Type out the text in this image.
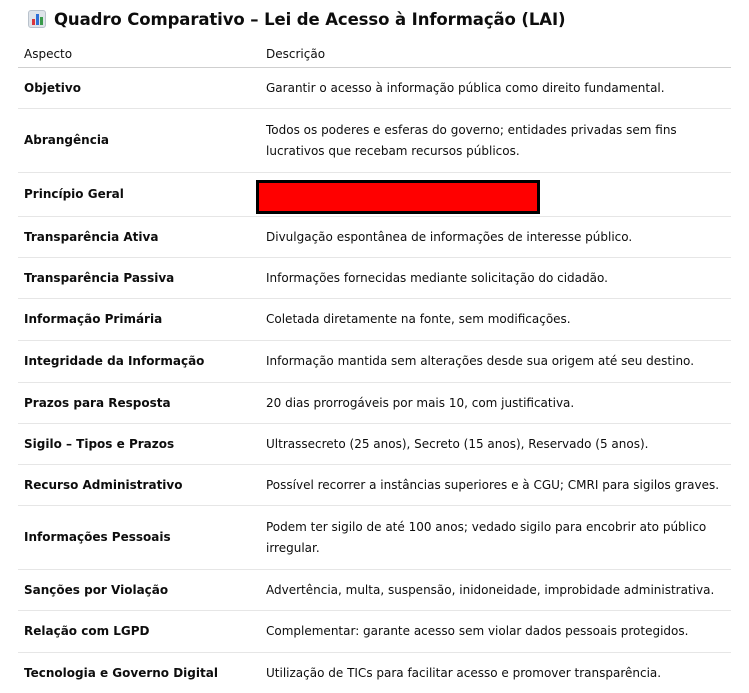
Quadro Comparativo – Lei de Acesso à Informação (LAI)
Aspecto	Descrição
Objetivo	Garantir o acesso à informação pública como direito fundamental.
Abrangência	Todos os poderes e esferas do governo; entidades privadas sem fins lucrativos que recebam recursos públicos.
Princípio Geral	

Transparência Ativa	Divulgação espontânea de informações de interesse público.
Transparência Passiva	Informações fornecidas mediante solicitação do cidadão.
Informação Primária	Coletada diretamente na fonte, sem modificações.
Integridade da Informação	Informação mantida sem alterações desde sua origem até seu destino.
Prazos para Resposta	20 dias prorrogáveis por mais 10, com justificativa.
Sigilo – Tipos e Prazos	Ultrassecreto (25 anos), Secreto (15 anos), Reservado (5 anos).
Recurso Administrativo	Possível recorrer a instâncias superiores e à CGU; CMRI para sigilos graves.
Informações Pessoais	Podem ter sigilo de até 100 anos; vedado sigilo para encobrir ato público irregular.
Sanções por Violação	Advertência, multa, suspensão, inidoneidade, improbidade administrativa.
Relação com LGPD	Complementar: garante acesso sem violar dados pessoais protegidos.
Tecnologia e Governo Digital	Utilização de TICs para facilitar acesso e promover transparência.
